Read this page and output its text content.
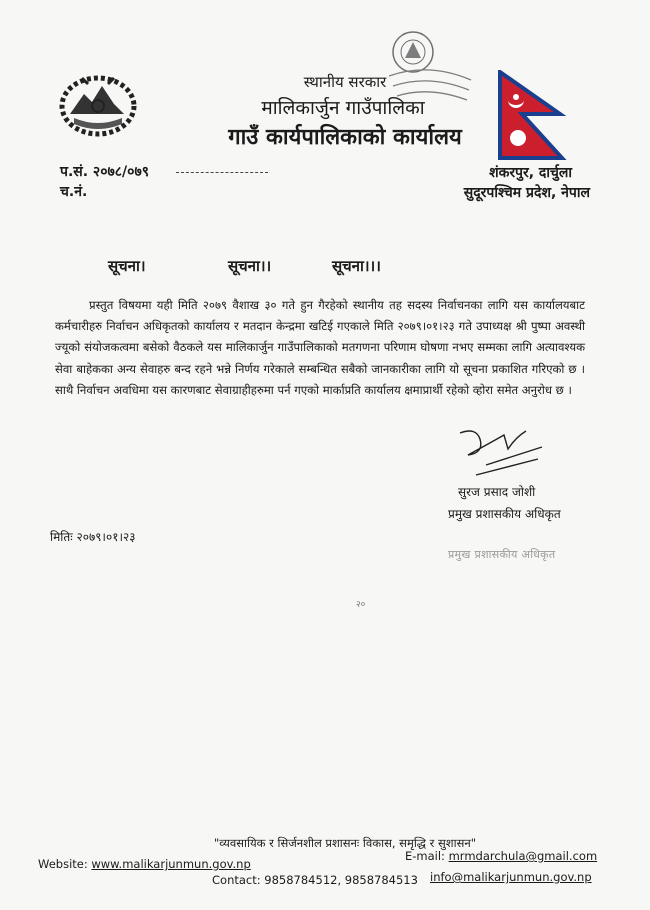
स्थानीय सरकार
मालिकार्जुन गाउँपालिका
गाउँ कार्यपालिकाको कार्यालय
प.सं. २०७८/०७९
च.नं.
शंकरपुर, दार्चुला
सुदूरपश्चिम प्रदेश, नेपाल
सूचना।	सूचना।।	सूचना।।।
प्रस्तुत विषयमा यही मिति २०७९ वैशाख ३० गते हुन गैरहेको स्थानीय तह सदस्य निर्वाचनका लागि यस कार्यालयबाट कर्मचारीहरु निर्वाचन अधिकृतको कार्यालय र मतदान केन्द्रमा खटिई गएकाले मिति २०७९।०१।२३ गते उपाध्यक्ष श्री पुष्पा अवस्थी ज्यूको संयोजकत्वमा बसेको वैठकले यस मालिकार्जुन गाउँपालिकाको मतगणना परिणाम घोषणा नभए सम्मका लागि अत्यावश्यक सेवा बाहेकका अन्य सेवाहरु बन्द रहने भन्ने निर्णय गरेकाले सम्बन्धित सबैको जानकारीका लागि यो सूचना प्रकाशित गरिएको छ । साथै निर्वाचन अवधिमा यस कारणबाट सेवाग्राहीहरुमा पर्न गएको मार्काप्रति कार्यालय क्षमाप्रार्थी रहेको व्होरा समेत अनुरोध छ ।
सुरज प्रसाद जोशी
प्रमुख प्रशासकीय अधिकृत
मितिः २०७९।०१।२३
प्रमुख प्रशासकीय अधिकृत
२०
"व्यवसायिक र सिर्जनशील प्रशासनः विकास, समृद्धि र सुशासन"
Website: www.malikarjunmun.gov.np
E-mail: mrmdarchula@gmail.com
Contact: 9858784512, 9858784513 info@malikarjunmun.gov.np
